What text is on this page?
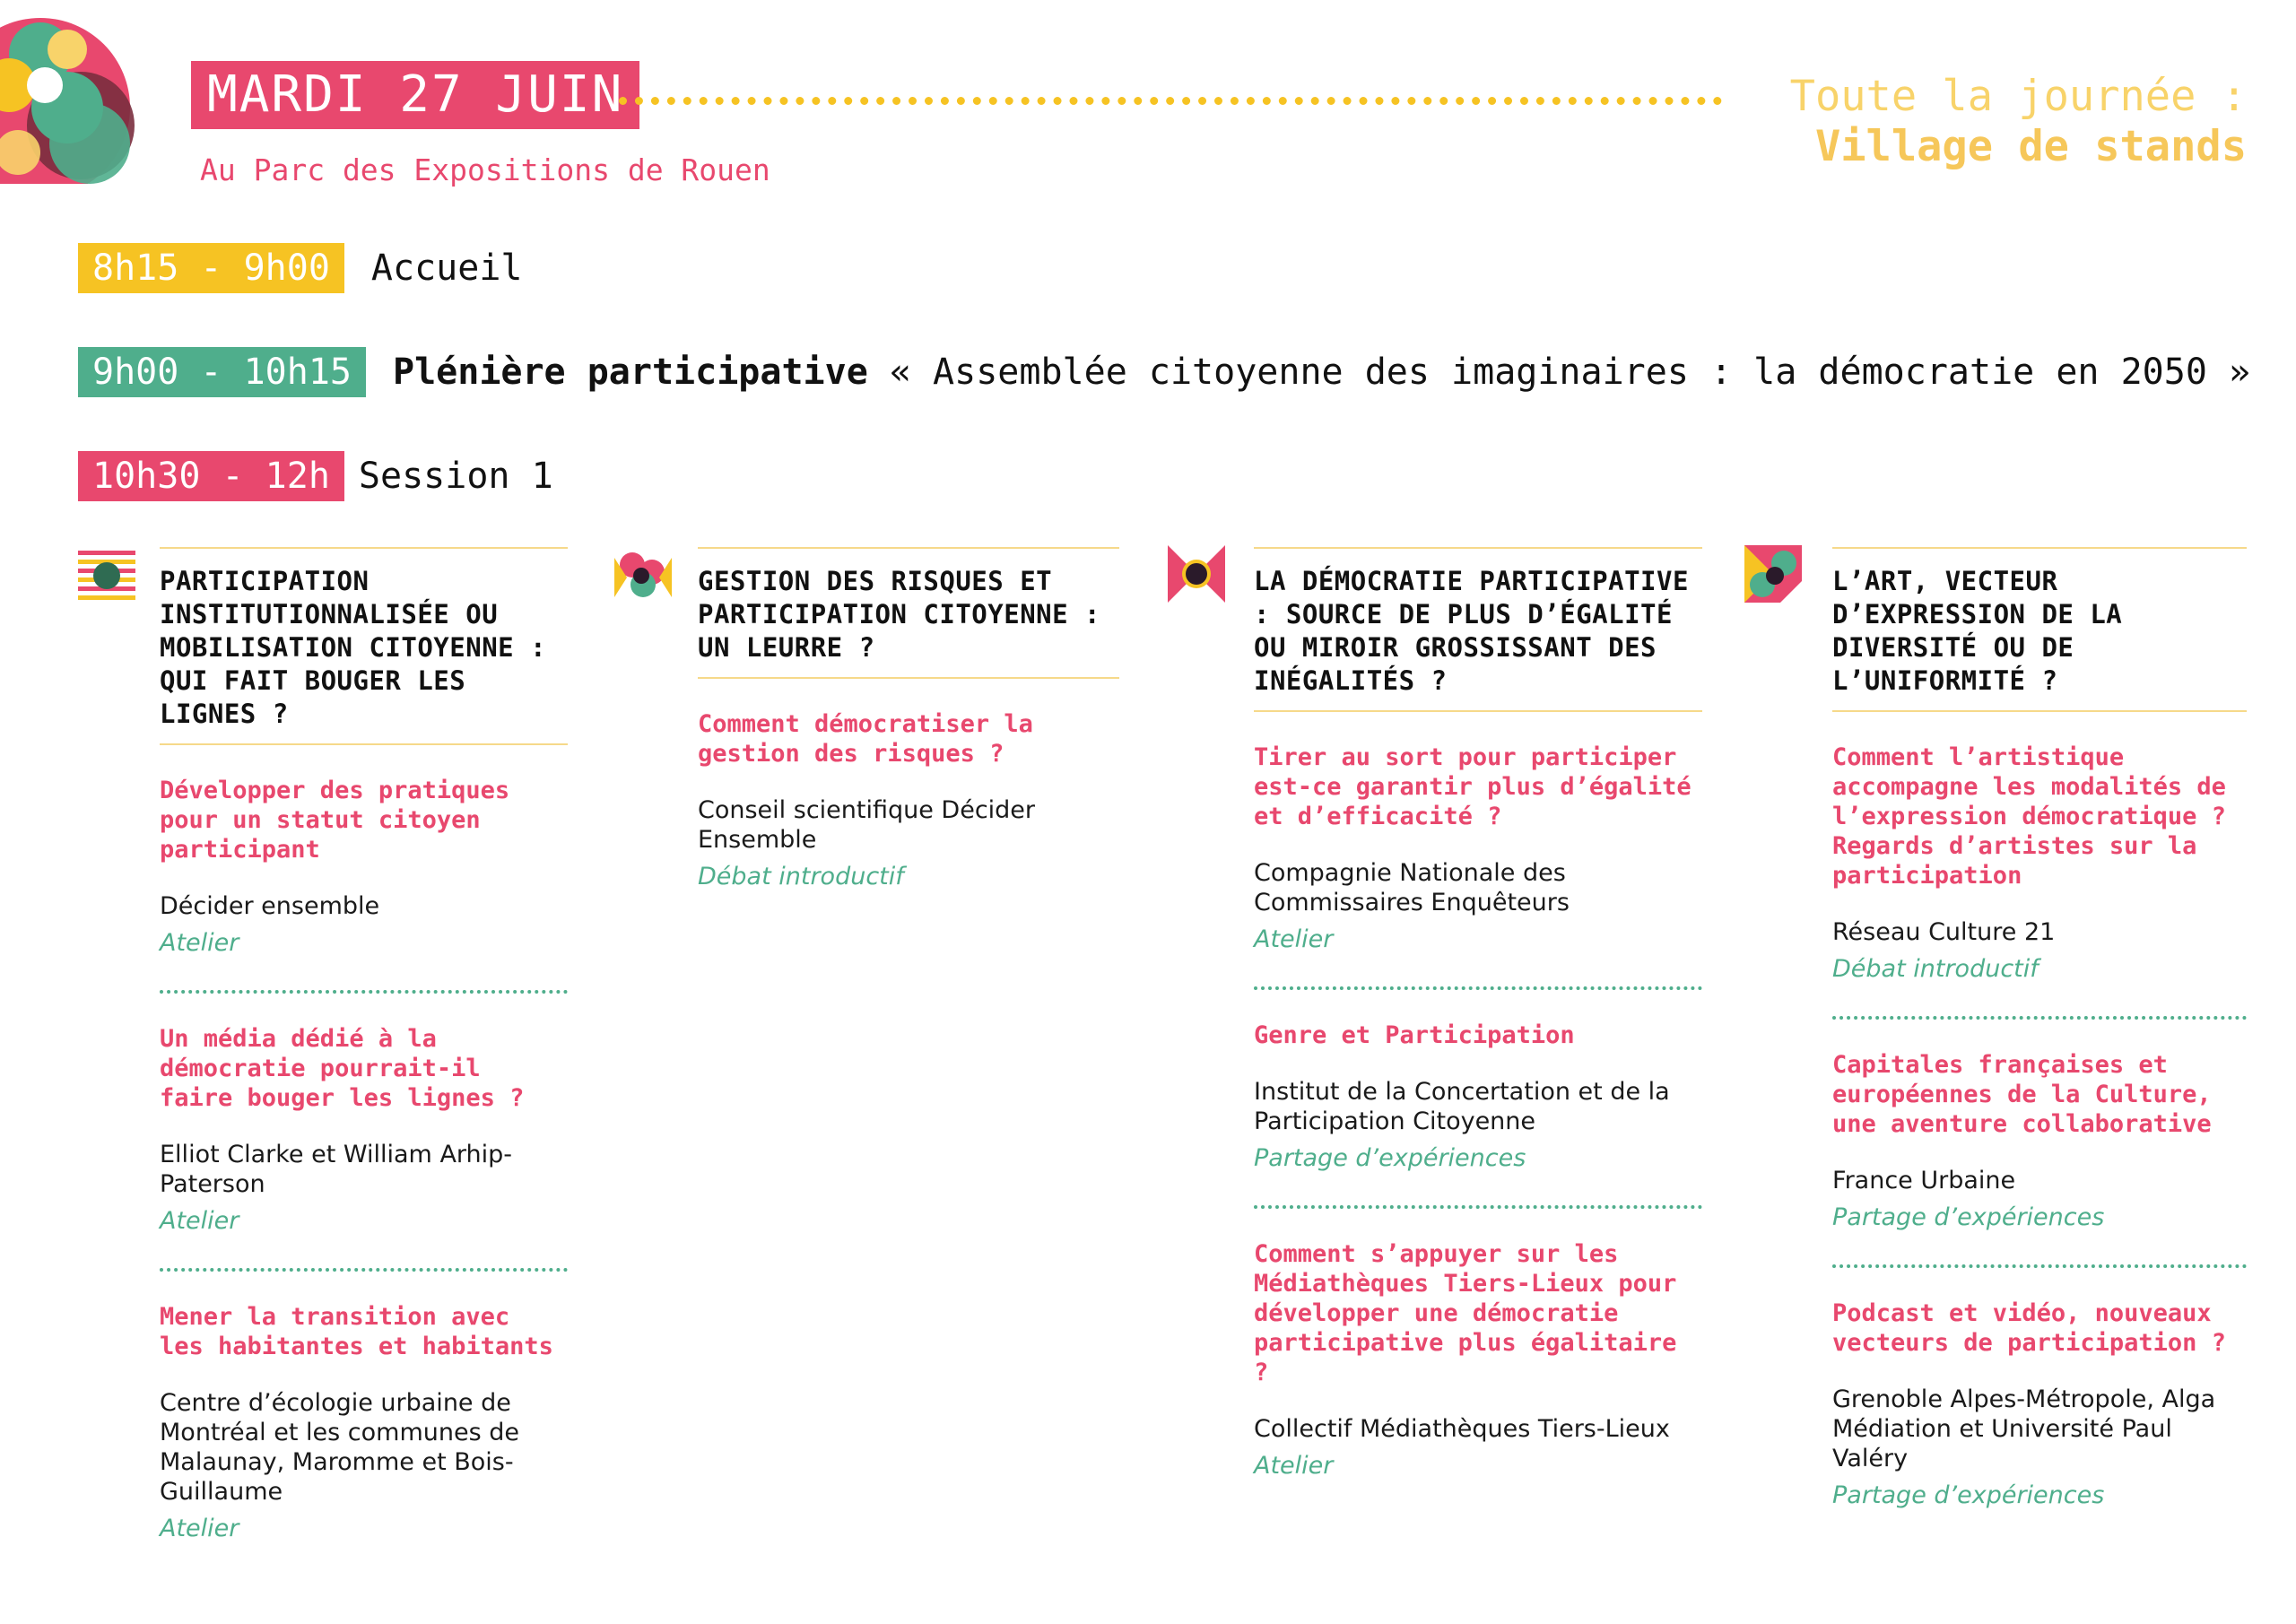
MARDI 27 JUIN
Au Parc des Expositions de Rouen
Toute la journée :
Village de stands
8h15 - 9h00	Accueil
9h00 - 10h15	Plénière participative « Assemblée citoyenne des imaginaires : la démocratie en 2050 »
10h30 - 12h Session 1
PARTICIPATION INSTITUTIONNALISÉE OU MOBILISATION CITOYENNE : QUI FAIT BOUGER LES LIGNES ?
Développer des pratiques pour un statut citoyen participant
Décider ensemble
Atelier
Un média dédié à la démocratie pourrait-il faire bouger les lignes ?
Elliot Clarke et William Arhip-Paterson
Atelier
Mener la transition avec les habitantes et habitants
Centre d’écologie urbaine de Montréal et les communes de Malaunay, Maromme et Bois-Guillaume
Atelier
GESTION DES RISQUES ET PARTICIPATION CITOYENNE : UN LEURRE ?
Comment démocratiser la gestion des risques ?
Conseil scientifique Décider Ensemble
Débat introductif
LA DÉMOCRATIE PARTICIPATIVE : SOURCE DE PLUS D’ÉGALITÉ OU MIROIR GROSSISSANT DES INÉGALITÉS ?
Tirer au sort pour participer est-ce garantir plus d’égalité et d’efficacité ?
Compagnie Nationale des Commissaires Enquêteurs
Atelier
Genre et Participation
Institut de la Concertation et de la Participation Citoyenne
Partage d’expériences
Comment s’appuyer sur les Médiathèques Tiers-Lieux pour développer une démocratie participative plus égalitaire ?
Collectif Médiathèques Tiers-Lieux
Atelier
L’ART, VECTEUR D’EXPRESSION DE LA DIVERSITÉ OU DE L’UNIFORMITÉ ?
Comment l’artistique accompagne les modalités de l’expression démocratique ? Regards d’artistes sur la participation
Réseau Culture 21
Débat introductif
Capitales françaises et européennes de la Culture, une aventure collaborative
France Urbaine
Partage d’expériences
Podcast et vidéo, nouveaux vecteurs de participation ?
Grenoble Alpes-Métropole, Alga Médiation et Université Paul Valéry
Partage d’expériences
